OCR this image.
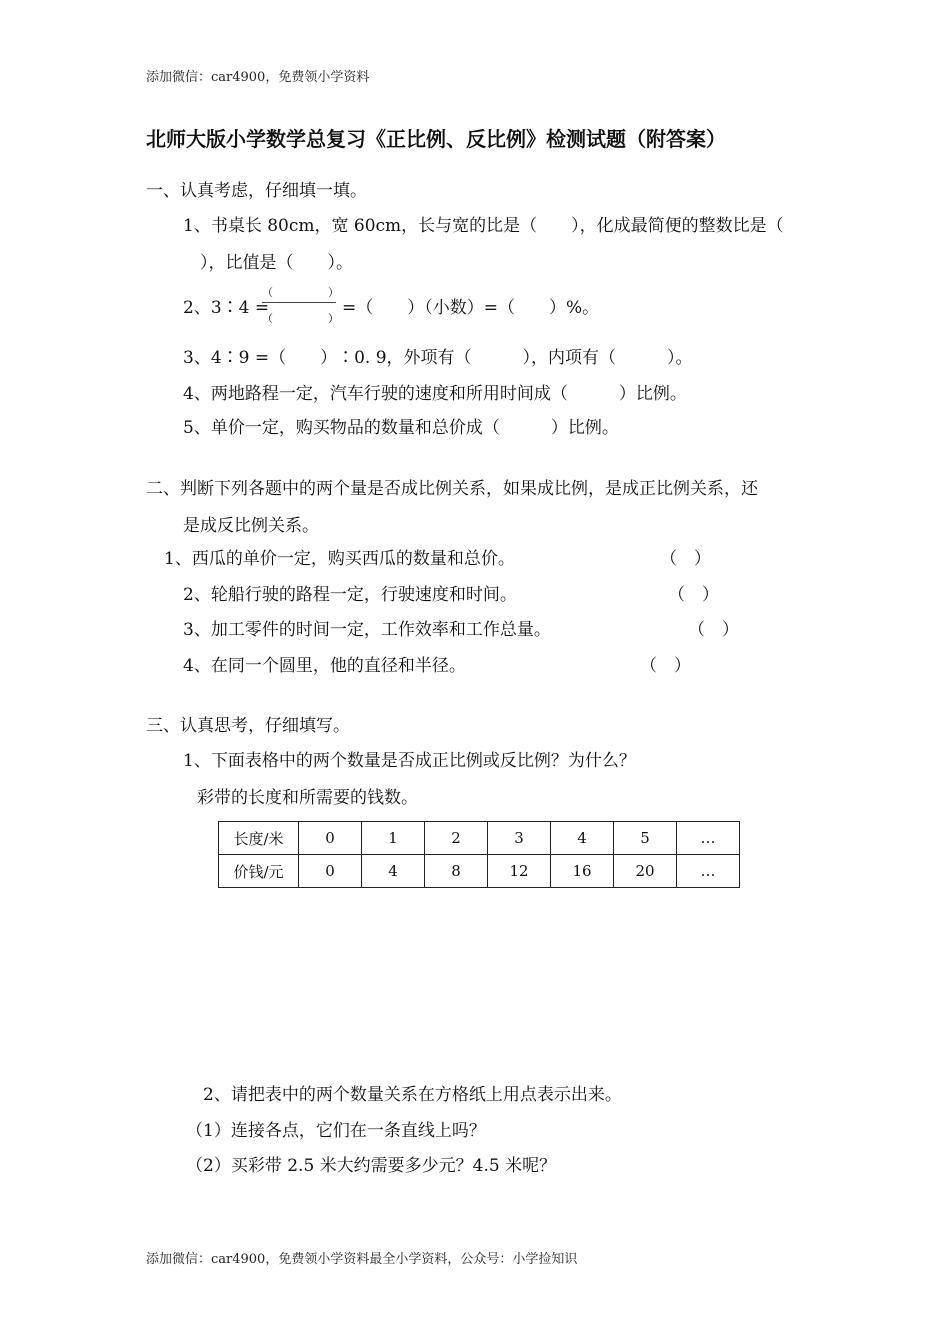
添加微信：car4900，免费领小学资料
北师大版小学数学总复习《正比例、反比例》检测试题（附答案）
一、认真考虑，仔细填一填。
1、书桌长 80cm，宽 60cm，长与宽的比是（　　），化成最简便的整数比是（
），比值是（　　）。
2、3∶4 =
（　　　　　）
（　　　　　）
=（　　）（小数）=（　　）%。
3、4∶9 =（　　）∶0. 9，外项有（　　　），内项有（　　　）。
4、两地路程一定，汽车行驶的速度和所用时间成（　　　）比例。
5、单价一定，购买物品的数量和总价成（　　　）比例。
二、判断下列各题中的两个量是否成比例关系，如果成比例，是成正比例关系，还
是成反比例关系。
1、西瓜的单价一定，购买西瓜的数量和总价。	（　）
2、轮船行驶的路程一定，行驶速度和时间。	（　）
3、加工零件的时间一定，工作效率和工作总量。	（　）
4、在同一个圆里，他的直径和半径。	（　）
三、认真思考，仔细填写。
1、下面表格中的两个数量是否成正比例或反比例？为什么？
彩带的长度和所需要的钱数。
长度/米	0	1	2	3	4	5	…
价钱/元	0	4	8	12	16	20	…
2、请把表中的两个数量关系在方格纸上用点表示出来。
（1）连接各点，它们在一条直线上吗？
（2）买彩带 2.5 米大约需要多少元？4.5 米呢？
添加微信：car4900，免费领小学资料最全小学资料，公众号：小学捡知识
